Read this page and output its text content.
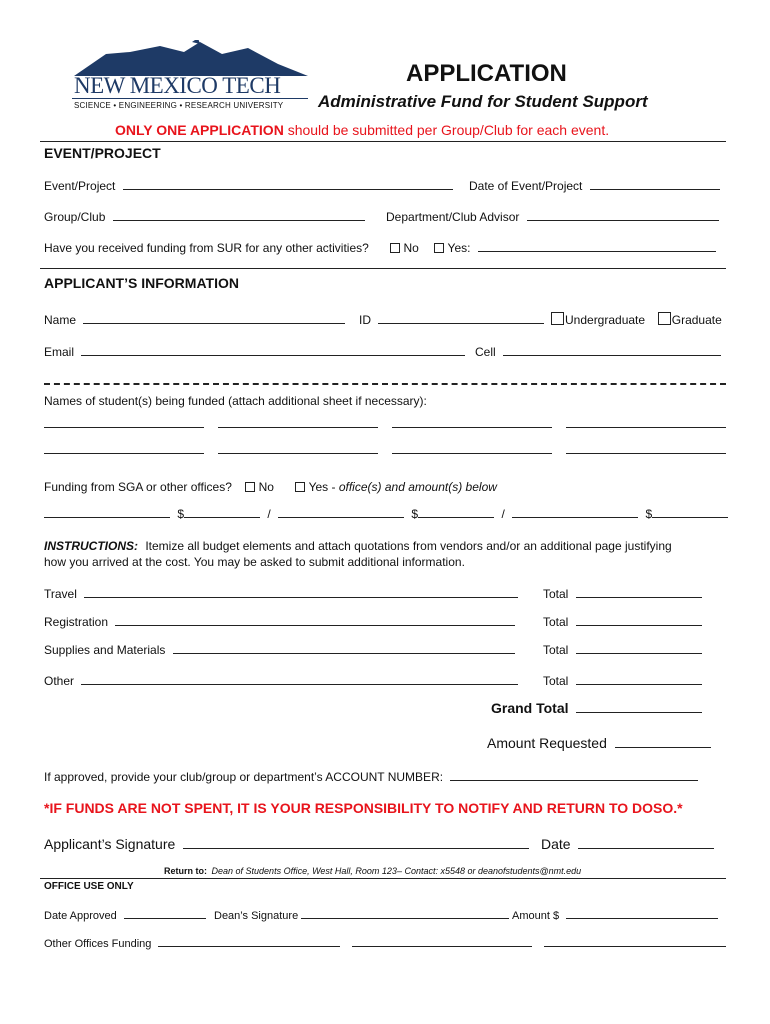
NEW MEXICO TECH
SCIENCE • ENGINEERING • RESEARCH UNIVERSITY
APPLICATION
Administrative Fund for Student Support
ONLY ONE APPLICATION should be submitted per Group/Club for each event.
EVENT/PROJECT
Event/Project	Date of Event/Project
Group/Club	Department/Club Advisor
Have you received funding from SUR for any other activities?	No Yes:
APPLICANT’S INFORMATION
Name	ID	Undergraduate Graduate
Email	Cell
Names of student(s) being funded (attach additional sheet if necessary):
Funding from SGA or other offices? No	Yes - office(s) and amount(s) below
$	/	$	/	$
INSTRUCTIONS: Itemize all budget elements and attach quotations from vendors and/or an additional page justifying
how you arrived at the cost. You may be asked to submit additional information.
Travel	Total
Registration	Total
Supplies and Materials	Total
Other	Total
Grand Total
Amount Requested
If approved, provide your club/group or department’s ACCOUNT NUMBER:
*IF FUNDS ARE NOT SPENT, IT IS YOUR RESPONSIBILITY TO NOTIFY AND RETURN TO DOSO.*
Applicant’s Signature	Date
Return to: Dean of Students Office, West Hall, Room 123– Contact: x5548 or deanofstudents@nmt.edu
OFFICE USE ONLY
Date Approved	Dean’s Signature	Amount $
Other Offices Funding
